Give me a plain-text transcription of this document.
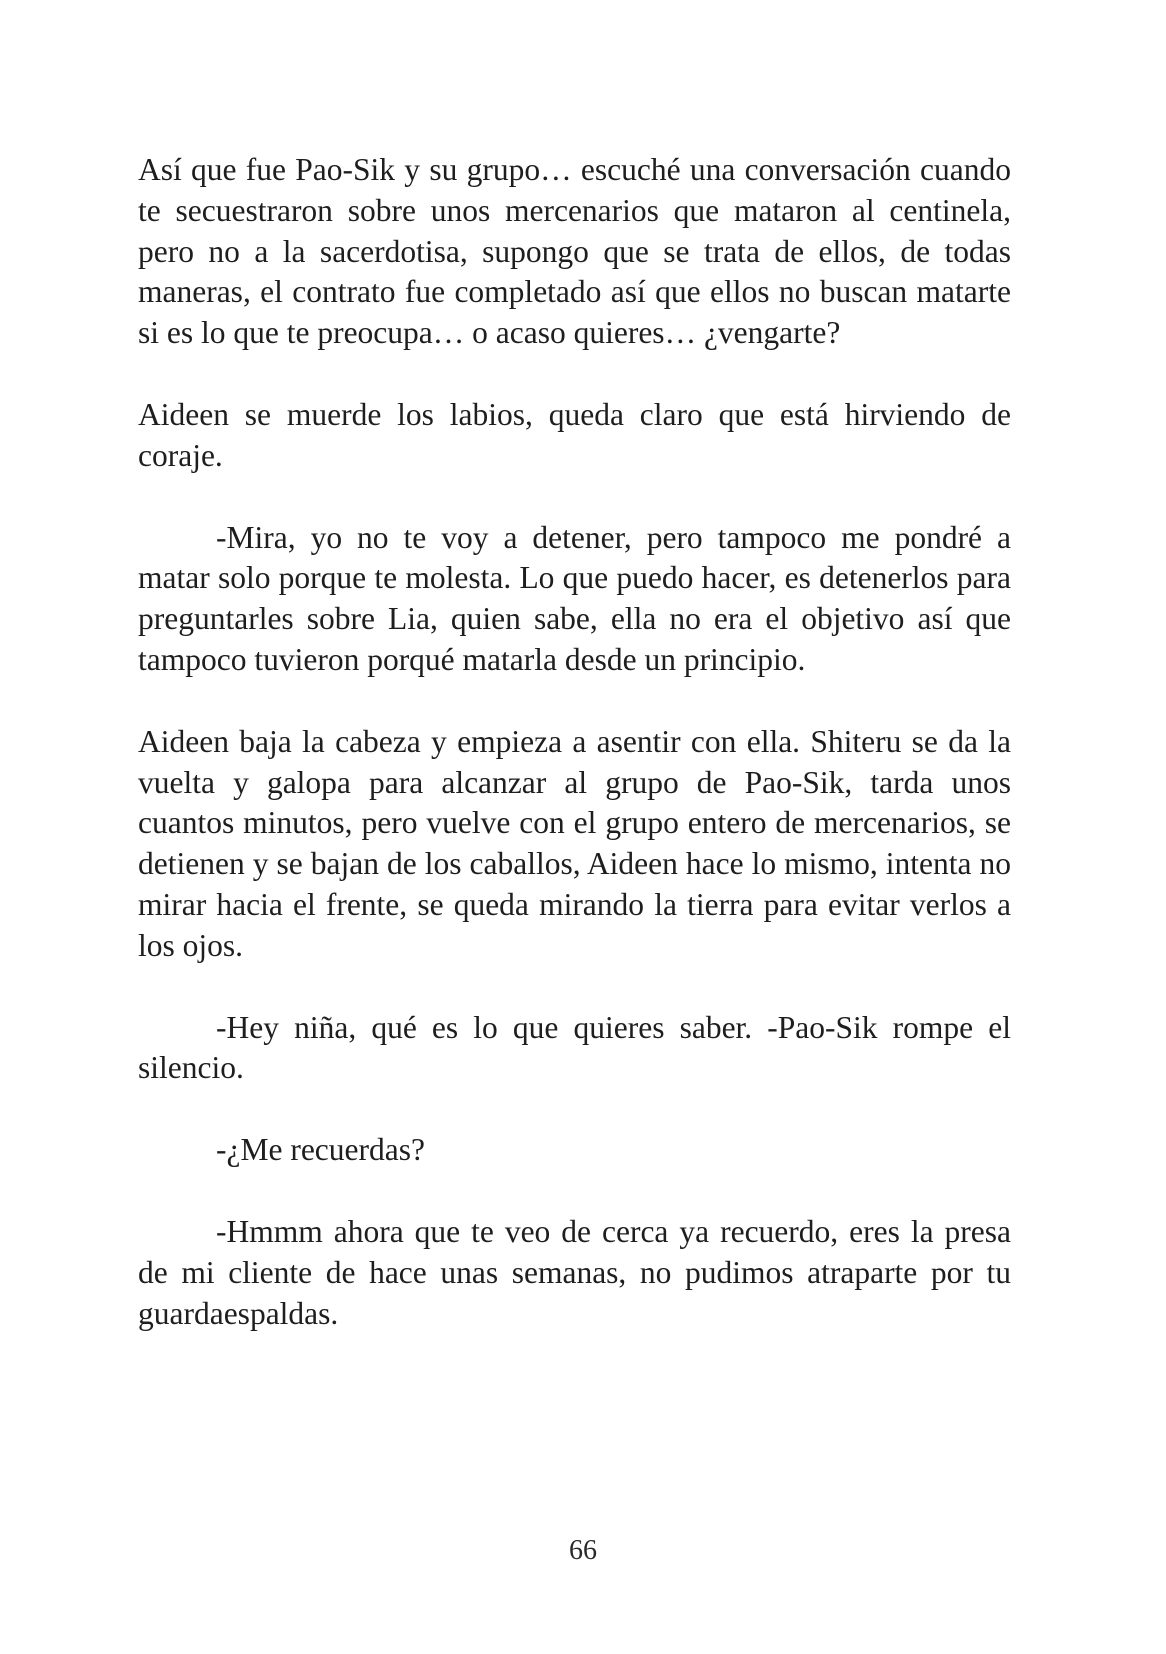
Así que fue Pao-Sik y su grupo… escuché una conversación cuando te secuestraron sobre unos mercenarios que mataron al centinela, pero no a la sacerdotisa, supongo que se trata de ellos, de todas maneras, el contrato fue completado así que ellos no buscan matarte si es lo que te preocupa… o acaso quieres… ¿vengarte?

Aideen se muerde los labios, queda claro que está hirviendo de coraje.

-Mira, yo no te voy a detener, pero tampoco me pondré a matar solo porque te molesta. Lo que puedo hacer, es detenerlos para preguntarles sobre Lia, quien sabe, ella no era el objetivo así que tampoco tuvieron porqué matarla desde un principio.

Aideen baja la cabeza y empieza a asentir con ella. Shiteru se da la vuelta y galopa para alcanzar al grupo de Pao-Sik, tarda unos cuantos minutos, pero vuelve con el grupo entero de mercenarios, se detienen y se bajan de los caballos, Aideen hace lo mismo, intenta no mirar hacia el frente, se queda mirando la tierra para evitar verlos a los ojos.

-Hey niña, qué es lo que quieres saber. -Pao-Sik rompe el silencio.

-¿Me recuerdas?

-Hmmm ahora que te veo de cerca ya recuerdo, eres la presa de mi cliente de hace unas semanas, no pudimos atraparte por tu guardaespaldas.

66
